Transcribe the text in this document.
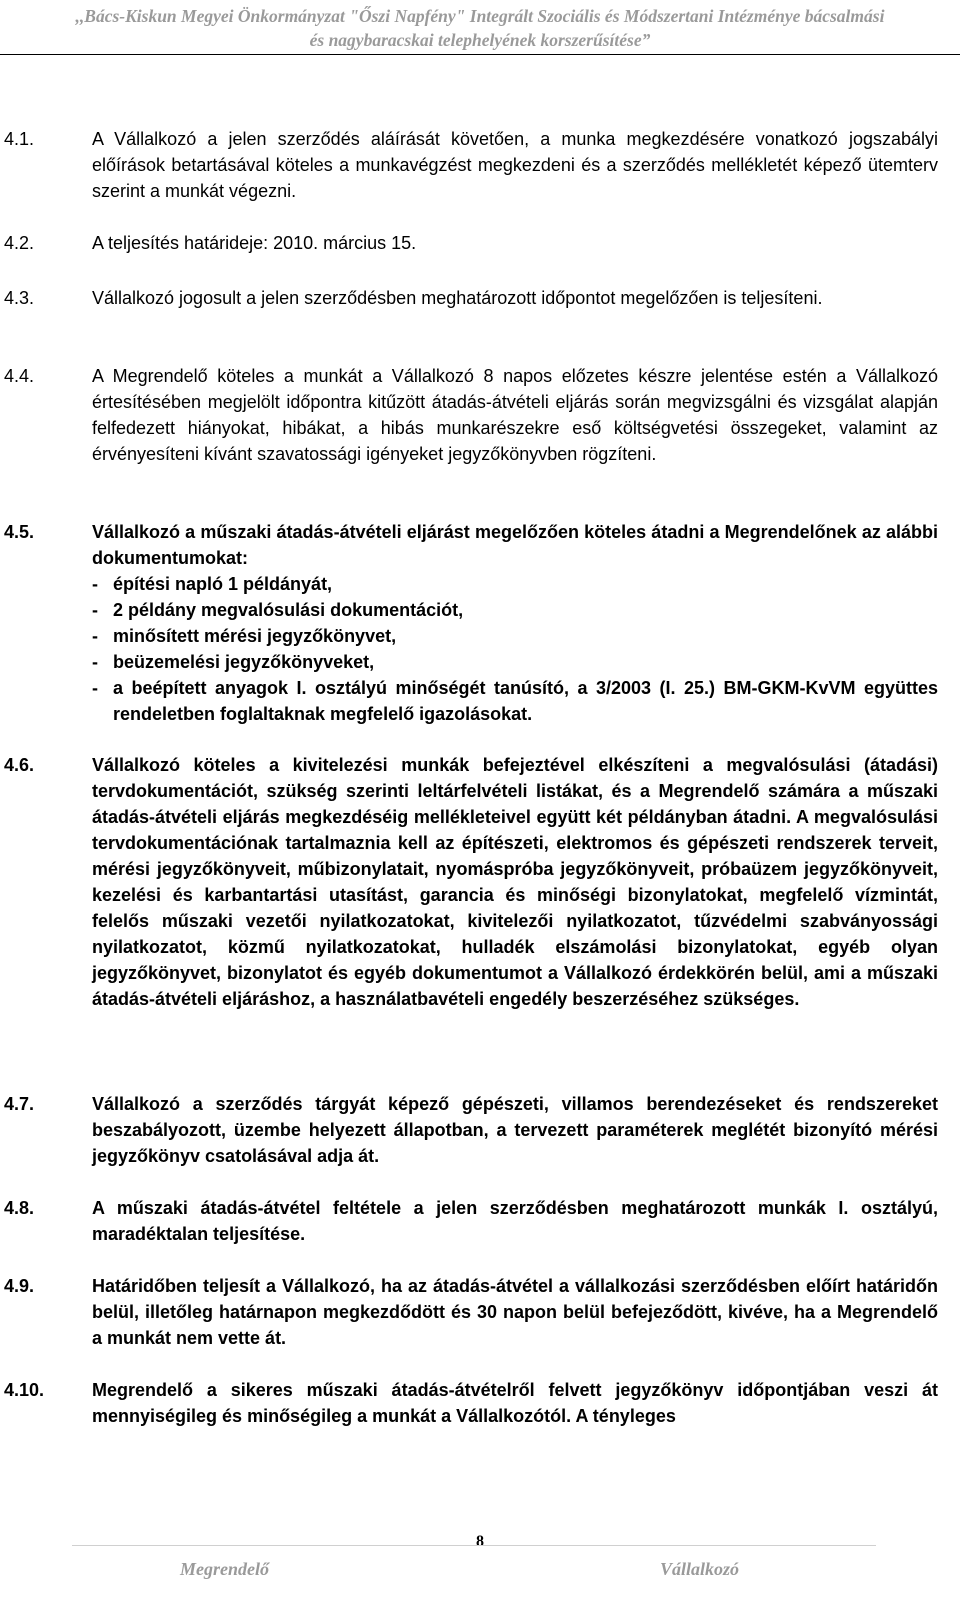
,,Bács-Kiskun Megyei Önkormányzat "Őszi Napfény" Integrált Szociális és Módszertani Intézménye bácsalmási
és nagybaracskai telephelyének korszerűsítése”
4.1.	A Vállalkozó a jelen szerződés aláírását követően, a munka megkezdésére vonatkozó jogszabályi előírások betartásával köteles a munkavégzést megkezdeni és a szerződés mellékletét képező ütemterv szerint a munkát végezni.
4.2.	A teljesítés határideje: 2010. március 15.
4.3.	Vállalkozó jogosult a jelen szerződésben meghatározott időpontot megelőzően is teljesíteni.
4.4.	A Megrendelő köteles a munkát a Vállalkozó 8 napos előzetes készre jelentése estén a Vállalkozó értesítésében megjelölt időpontra kitűzött átadás-átvételi eljárás során megvizsgálni és vizsgálat alapján felfedezett hiányokat, hibákat, a hibás munkarészekre eső költségvetési összegeket, valamint az érvényesíteni kívánt szavatossági igényeket jegyzőkönyvben rögzíteni.
4.5.	Vállalkozó a műszaki átadás-átvételi eljárást megelőzően köteles átadni a Megrendelőnek az alábbi dokumentumokat:
- építési napló 1 példányát,
- 2 példány megvalósulási dokumentációt,
- minősített mérési jegyzőkönyvet,
- beüzemelési jegyzőkönyveket,
- a beépített anyagok I. osztályú minőségét tanúsító, a 3/2003 (I. 25.) BM-GKM-KvVM együttes rendeletben foglaltaknak megfelelő igazolásokat.
4.6.	Vállalkozó köteles a kivitelezési munkák befejeztével elkészíteni a megvalósulási (átadási) tervdokumentációt, szükség szerinti leltárfelvételi listákat, és a Megrendelő számára a műszaki átadás-átvételi eljárás megkezdéséig mellékleteivel együtt két példányban átadni. A megvalósulási tervdokumentációnak tartalmaznia kell az építészeti, elektromos és gépészeti rendszerek terveit, mérési jegyzőkönyveit, műbizonylatait, nyomáspróba jegyzőkönyveit, próbaüzem jegyzőkönyveit, kezelési és karbantartási utasítást, garancia és minőségi bizonylatokat, megfelelő vízmintát, felelős műszaki vezetői nyilatkozatokat, kivitelezői nyilatkozatot, tűzvédelmi szabványossági nyilatkozatot, közmű nyilatkozatokat, hulladék elszámolási bizonylatokat, egyéb olyan jegyzőkönyvet, bizonylatot és egyéb dokumentumot a Vállalkozó érdekkörén belül, ami a műszaki átadás-átvételi eljáráshoz, a használatbavételi engedély beszerzéséhez szükséges.
4.7.	Vállalkozó a szerződés tárgyát képező gépészeti, villamos berendezéseket és rendszereket beszabályozott, üzembe helyezett állapotban, a tervezett paraméterek meglétét bizonyító mérési jegyzőkönyv csatolásával adja át.
4.8.	A műszaki átadás-átvétel feltétele a jelen szerződésben meghatározott munkák I. osztályú, maradéktalan teljesítése.
4.9.	Határidőben teljesít a Vállalkozó, ha az átadás-átvétel a vállalkozási szerződésben előírt határidőn belül, illetőleg határnapon megkezdődött és 30 napon belül befejeződött, kivéve, ha a Megrendelő a munkát nem vette át.
4.10.	Megrendelő a sikeres műszaki átadás-átvételről felvett jegyzőkönyv időpontjában veszi át mennyiségileg és minőségileg a munkát a Vállalkozótól. A tényleges
8
Megrendelő	Vállalkozó
